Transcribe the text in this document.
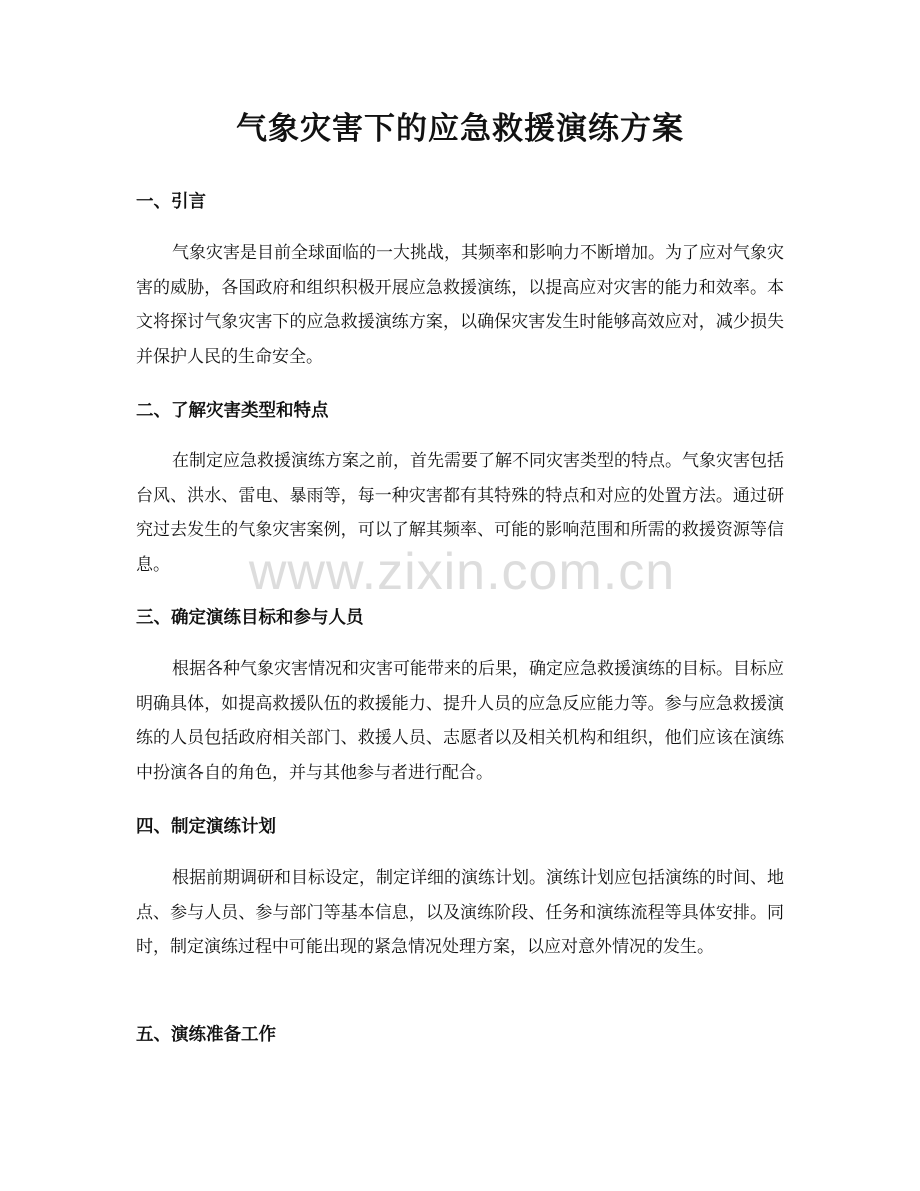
气象灾害下的应急救援演练方案
一、引言

气象灾害是目前全球面临的一大挑战，其频率和影响力不断增加。为了应对气象灾害的威胁，各国政府和组织积极开展应急救援演练，以提高应对灾害的能力和效率。本文将探讨气象灾害下的应急救援演练方案，以确保灾害发生时能够高效应对，减少损失并保护人民的生命安全。

二、了解灾害类型和特点

在制定应急救援演练方案之前，首先需要了解不同灾害类型的特点。气象灾害包括台风、洪水、雷电、暴雨等，每一种灾害都有其特殊的特点和对应的处置方法。通过研究过去发生的气象灾害案例，可以了解其频率、可能的影响范围和所需的救援资源等信息。

三、确定演练目标和参与人员

根据各种气象灾害情况和灾害可能带来的后果，确定应急救援演练的目标。目标应明确具体，如提高救援队伍的救援能力、提升人员的应急反应能力等。参与应急救援演练的人员包括政府相关部门、救援人员、志愿者以及相关机构和组织，他们应该在演练中扮演各自的角色，并与其他参与者进行配合。

四、制定演练计划

根据前期调研和目标设定，制定详细的演练计划。演练计划应包括演练的时间、地点、参与人员、参与部门等基本信息，以及演练阶段、任务和演练流程等具体安排。同时，制定演练过程中可能出现的紧急情况处理方案，以应对意外情况的发生。

五、演练准备工作
www.zixin.com.cn
